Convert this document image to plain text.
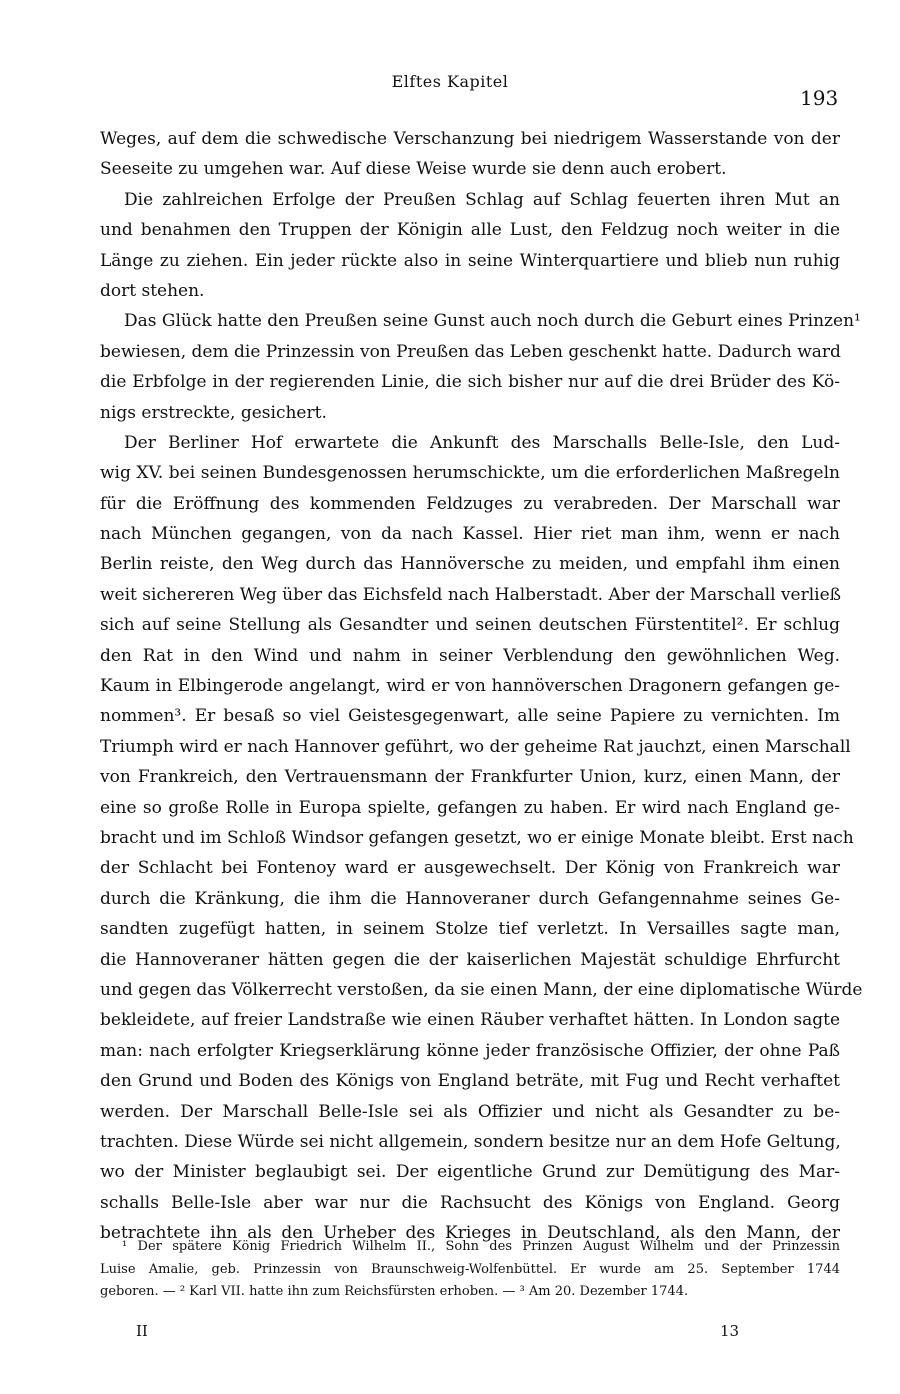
Elftes Kapitel
193
Weges, auf dem die schwedische Verschanzung bei niedrigem Wasserstande von der
Seeseite zu umgehen war. Auf diese Weise wurde sie denn auch erobert.
Die zahlreichen Erfolge der Preußen Schlag auf Schlag feuerten ihren Mut an
und benahmen den Truppen der Königin alle Lust, den Feldzug noch weiter in die
Länge zu ziehen. Ein jeder rückte also in seine Winterquartiere und blieb nun ruhig
dort stehen.
Das Glück hatte den Preußen seine Gunst auch noch durch die Geburt eines Prinzen¹
bewiesen, dem die Prinzessin von Preußen das Leben geschenkt hatte. Dadurch ward
die Erbfolge in der regierenden Linie, die sich bisher nur auf die drei Brüder des Kö-
nigs erstreckte, gesichert.
Der Berliner Hof erwartete die Ankunft des Marschalls Belle-Isle, den Lud-
wig XV. bei seinen Bundesgenossen herumschickte, um die erforderlichen Maßregeln
für die Eröffnung des kommenden Feldzuges zu verabreden. Der Marschall war
nach München gegangen, von da nach Kassel. Hier riet man ihm, wenn er nach
Berlin reiste, den Weg durch das Hannöversche zu meiden, und empfahl ihm einen
weit sichereren Weg über das Eichsfeld nach Halberstadt. Aber der Marschall verließ
sich auf seine Stellung als Gesandter und seinen deutschen Fürstentitel². Er schlug
den Rat in den Wind und nahm in seiner Verblendung den gewöhnlichen Weg.
Kaum in Elbingerode angelangt, wird er von hannöverschen Dragonern gefangen ge-
nommen³. Er besaß so viel Geistesgegenwart, alle seine Papiere zu vernichten. Im
Triumph wird er nach Hannover geführt, wo der geheime Rat jauchzt, einen Marschall
von Frankreich, den Vertrauensmann der Frankfurter Union, kurz, einen Mann, der
eine so große Rolle in Europa spielte, gefangen zu haben. Er wird nach England ge-
bracht und im Schloß Windsor gefangen gesetzt, wo er einige Monate bleibt. Erst nach
der Schlacht bei Fontenoy ward er ausgewechselt. Der König von Frankreich war
durch die Kränkung, die ihm die Hannoveraner durch Gefangennahme seines Ge-
sandten zugefügt hatten, in seinem Stolze tief verletzt. In Versailles sagte man,
die Hannoveraner hätten gegen die der kaiserlichen Majestät schuldige Ehrfurcht
und gegen das Völkerrecht verstoßen, da sie einen Mann, der eine diplomatische Würde
bekleidete, auf freier Landstraße wie einen Räuber verhaftet hätten. In London sagte
man: nach erfolgter Kriegserklärung könne jeder französische Offizier, der ohne Paß
den Grund und Boden des Königs von England beträte, mit Fug und Recht verhaftet
werden. Der Marschall Belle-Isle sei als Offizier und nicht als Gesandter zu be-
trachten. Diese Würde sei nicht allgemein, sondern besitze nur an dem Hofe Geltung,
wo der Minister beglaubigt sei. Der eigentliche Grund zur Demütigung des Mar-
schalls Belle-Isle aber war nur die Rachsucht des Königs von England. Georg
betrachtete ihn als den Urheber des Krieges in Deutschland, als den Mann, der
¹ Der spätere König Friedrich Wilhelm II., Sohn des Prinzen August Wilhelm und der Prinzessin
Luise Amalie, geb. Prinzessin von Braunschweig-Wolfenbüttel. Er wurde am 25. September 1744
geboren. — ² Karl VII. hatte ihn zum Reichsfürsten erhoben. — ³ Am 20. Dezember 1744.
II	13
